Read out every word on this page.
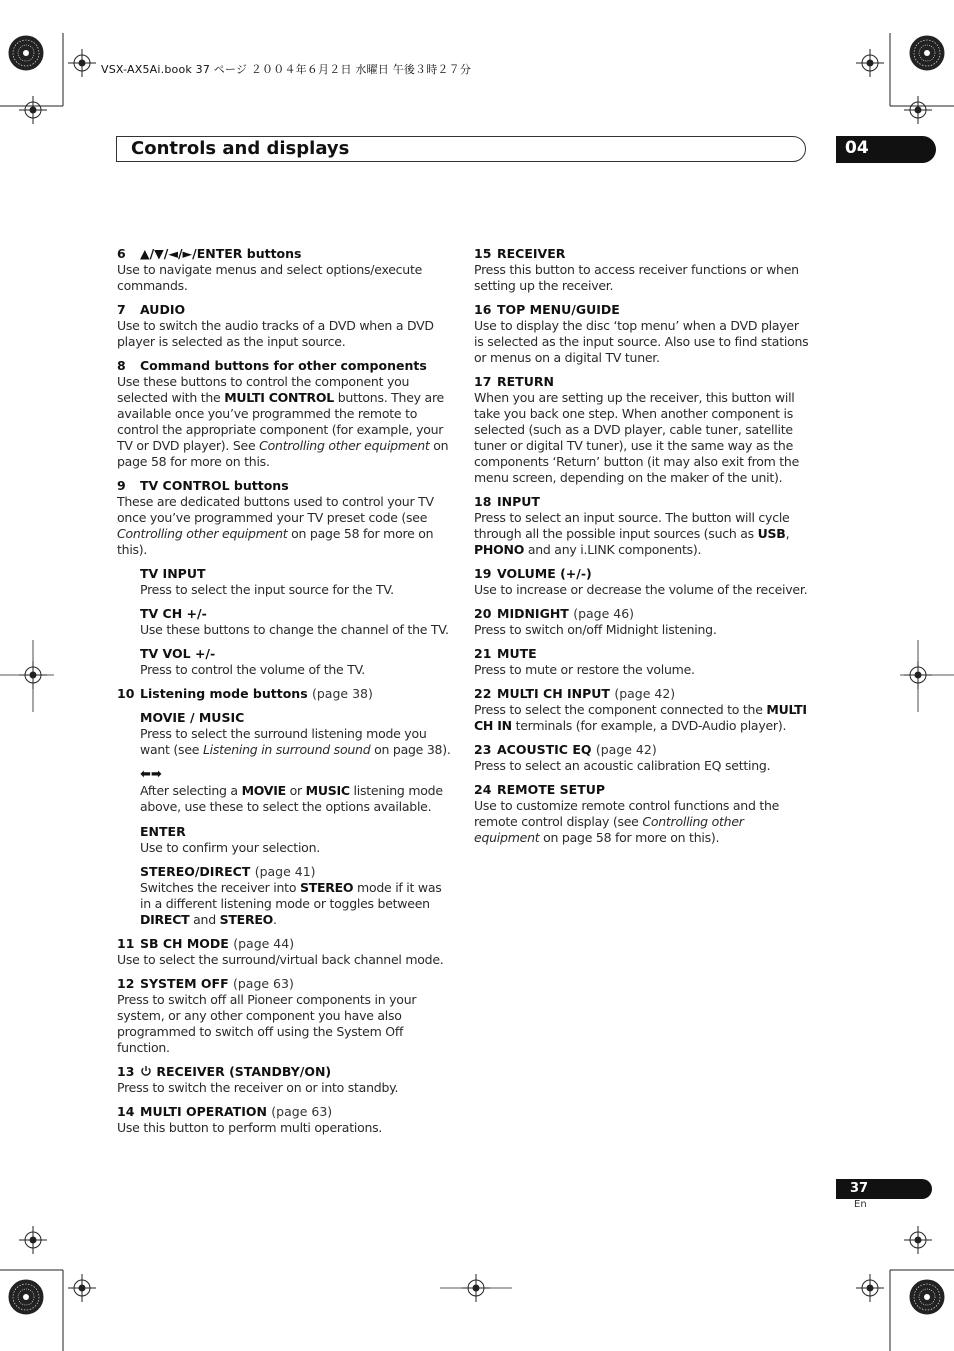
VSX-AX5Ai.book 37 ページ ２００４年６月２日 水曜日 午後３時２７分
Controls and displays	04
6 ▲/▼/◄/►/ENTER buttons
Use to navigate menus and select options/execute commands.
7 AUDIO
Use to switch the audio tracks of a DVD when a DVD player is selected as the input source.
8 Command buttons for other components
Use these buttons to control the component you selected with the MULTI CONTROL buttons. They are available once you’ve programmed the remote to control the appropriate component (for example, your TV or DVD player). See Controlling other equipment on page 58 for more on this.
9 TV CONTROL buttons
These are dedicated buttons used to control your TV once you’ve programmed your TV preset code (see Controlling other equipment on page 58 for more on this).
TV INPUT
Press to select the input source for the TV.
TV CH +/-
Use these buttons to change the channel of the TV.
TV VOL +/-
Press to control the volume of the TV.
10 Listening mode buttons (page 38)
MOVIE / MUSIC
Press to select the surround listening mode you want (see Listening in surround sound on page 38).
⬅➡
After selecting a MOVIE or MUSIC listening mode above, use these to select the options available.
ENTER
Use to confirm your selection.
STEREO/DIRECT (page 41)
Switches the receiver into STEREO mode if it was in a different listening mode or toggles between DIRECT and STEREO.
11 SB CH MODE (page 44)
Use to select the surround/virtual back channel mode.
12 SYSTEM OFF (page 63)
Press to switch off all Pioneer components in your system, or any other component you have also programmed to switch off using the System Off function.
13 RECEIVER (STANDBY/ON)
Press to switch the receiver on or into standby.
14 MULTI OPERATION (page 63)
Use this button to perform multi operations.
15 RECEIVER
Press this button to access receiver functions or when setting up the receiver.
16 TOP MENU/GUIDE
Use to display the disc ‘top menu’ when a DVD player is selected as the input source. Also use to find stations or menus on a digital TV tuner.
17 RETURN
When you are setting up the receiver, this button will take you back one step. When another component is selected (such as a DVD player, cable tuner, satellite tuner or digital TV tuner), use it the same way as the components ‘Return’ button (it may also exit from the menu screen, depending on the maker of the unit).
18 INPUT
Press to select an input source. The button will cycle through all the possible input sources (such as USB, PHONO and any i.LINK components).
19 VOLUME (+/-)
Use to increase or decrease the volume of the receiver.
20 MIDNIGHT (page 46)
Press to switch on/off Midnight listening.
21 MUTE
Press to mute or restore the volume.
22 MULTI CH INPUT (page 42)
Press to select the component connected to the MULTI CH IN terminals (for example, a DVD-Audio player).
23 ACOUSTIC EQ (page 42)
Press to select an acoustic calibration EQ setting.
24 REMOTE SETUP
Use to customize remote control functions and the remote control display (see Controlling other equipment on page 58 for more on this).
37
En
